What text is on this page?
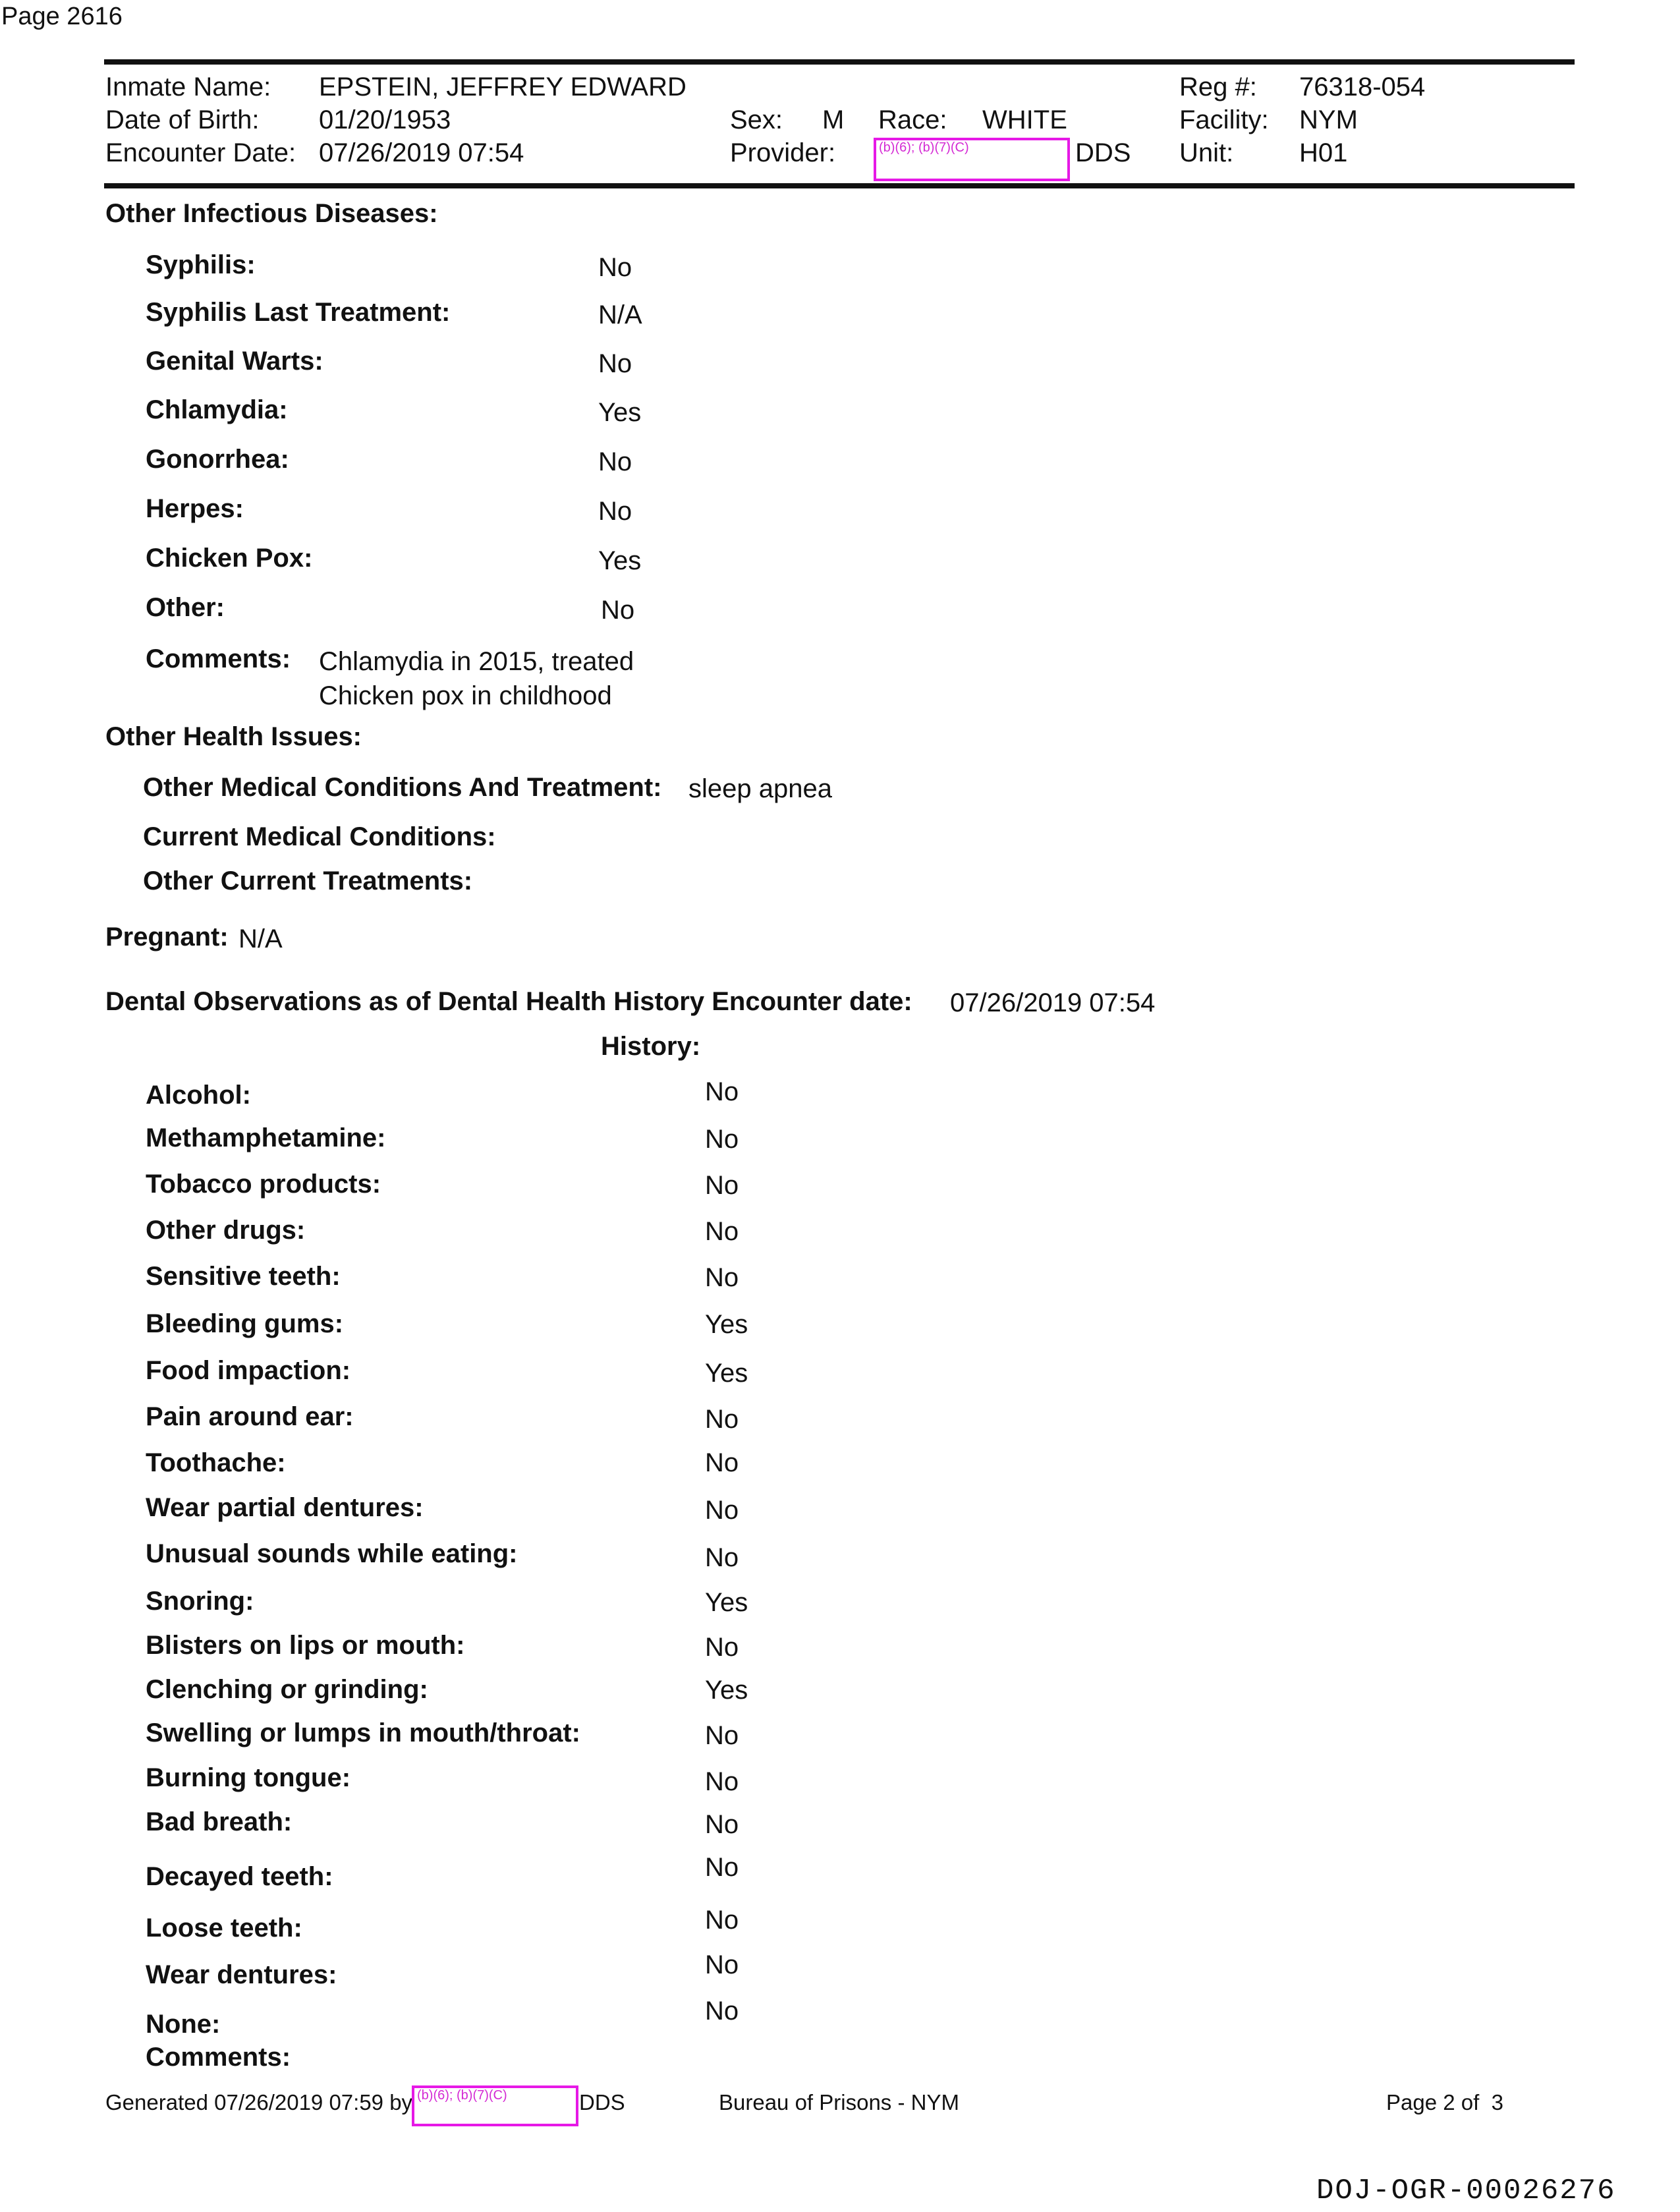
Page 2616
Inmate Name: EPSTEIN, JEFFREY EDWARD
Date of Birth: 01/20/1953
Encounter Date: 07/26/2019 07:54
Sex: M Race: WHITE
Provider:	(b)(6); (b)(7)(C)	DDS
Reg #: 76318-054
Facility: NYM
Unit: H01
Other Infectious Diseases:
Syphilis:	No
Syphilis Last Treatment:	N/A
Genital Warts:	No
Chlamydia:	Yes
Gonorrhea:	No
Herpes:	No
Chicken Pox:	Yes
Other:	No
Comments: Chlamydia in 2015, treated
Chicken pox in childhood
Other Health Issues:
Other Medical Conditions And Treatment: sleep apnea
Current Medical Conditions:
Other Current Treatments:
Pregnant: N/A
Dental Observations as of Dental Health History Encounter date: 07/26/2019 07:54
History:
Alcohol:	No
Methamphetamine:	No
Tobacco products:	No
Other drugs:	No
Sensitive teeth:	No
Bleeding gums:	Yes
Food impaction:	Yes
Pain around ear:	No
Toothache:	No
Wear partial dentures:	No
Unusual sounds while eating:	No
Snoring:	Yes
Blisters on lips or mouth:	No
Clenching or grinding:	Yes
Swelling or lumps in mouth/throat:	No
Burning tongue:	No
Bad breath:	No
Decayed teeth:	No
Loose teeth:	No
Wear dentures:	No
None:	No
Comments:
Generated 07/26/2019 07:59 by (b)(6); (b)(7)(C)	DDS	Bureau of Prisons - NYM	Page 2 of  3
DOJ-OGR-00026276
